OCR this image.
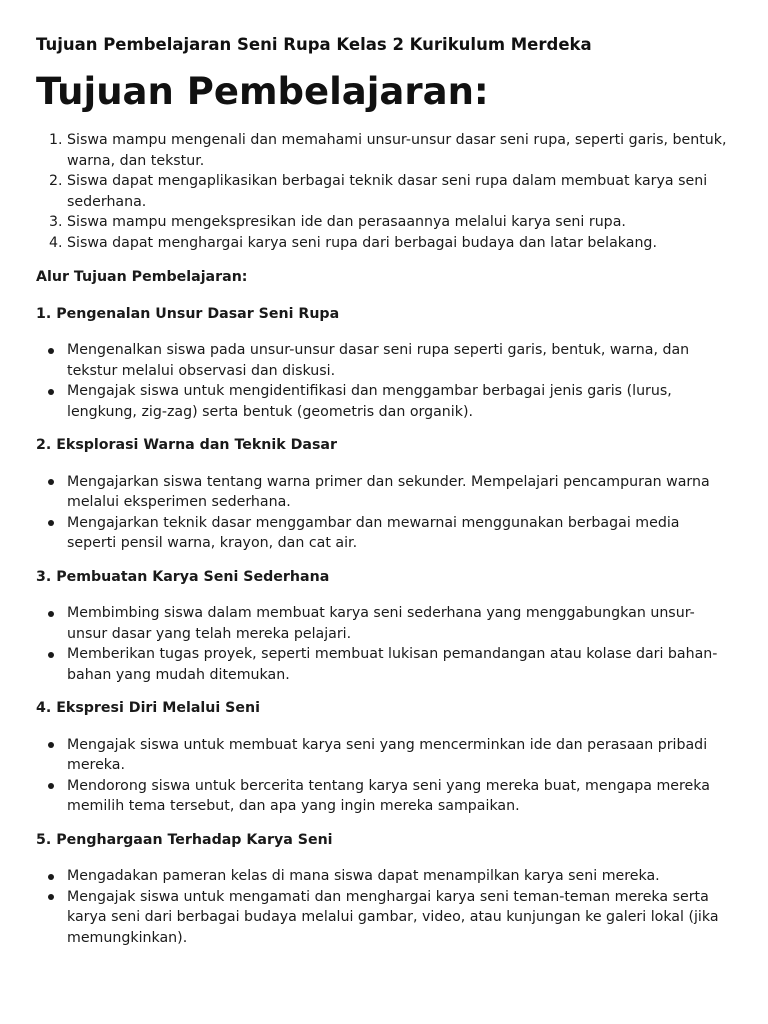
Tujuan Pembelajaran Seni Rupa Kelas 2 Kurikulum Merdeka
Tujuan Pembelajaran:
1. Siswa mampu mengenali dan memahami unsur-unsur dasar seni rupa, seperti garis, bentuk, warna, dan tekstur.
2. Siswa dapat mengaplikasikan berbagai teknik dasar seni rupa dalam membuat karya seni sederhana.
3. Siswa mampu mengekspresikan ide dan perasaannya melalui karya seni rupa.
4. Siswa dapat menghargai karya seni rupa dari berbagai budaya dan latar belakang.
Alur Tujuan Pembelajaran:
1. Pengenalan Unsur Dasar Seni Rupa
Mengenalkan siswa pada unsur-unsur dasar seni rupa seperti garis, bentuk, warna, dan tekstur melalui observasi dan diskusi.
Mengajak siswa untuk mengidentifikasi dan menggambar berbagai jenis garis (lurus, lengkung, zig-zag) serta bentuk (geometris dan organik).
2. Eksplorasi Warna dan Teknik Dasar
Mengajarkan siswa tentang warna primer dan sekunder. Mempelajari pencampuran warna melalui eksperimen sederhana.
Mengajarkan teknik dasar menggambar dan mewarnai menggunakan berbagai media seperti pensil warna, krayon, dan cat air.
3. Pembuatan Karya Seni Sederhana
Membimbing siswa dalam membuat karya seni sederhana yang menggabungkan unsur-unsur dasar yang telah mereka pelajari.
Memberikan tugas proyek, seperti membuat lukisan pemandangan atau kolase dari bahan-bahan yang mudah ditemukan.
4. Ekspresi Diri Melalui Seni
Mengajak siswa untuk membuat karya seni yang mencerminkan ide dan perasaan pribadi mereka.
Mendorong siswa untuk bercerita tentang karya seni yang mereka buat, mengapa mereka memilih tema tersebut, dan apa yang ingin mereka sampaikan.
5. Penghargaan Terhadap Karya Seni
Mengadakan pameran kelas di mana siswa dapat menampilkan karya seni mereka.
Mengajak siswa untuk mengamati dan menghargai karya seni teman-teman mereka serta karya seni dari berbagai budaya melalui gambar, video, atau kunjungan ke galeri lokal (jika memungkinkan).
